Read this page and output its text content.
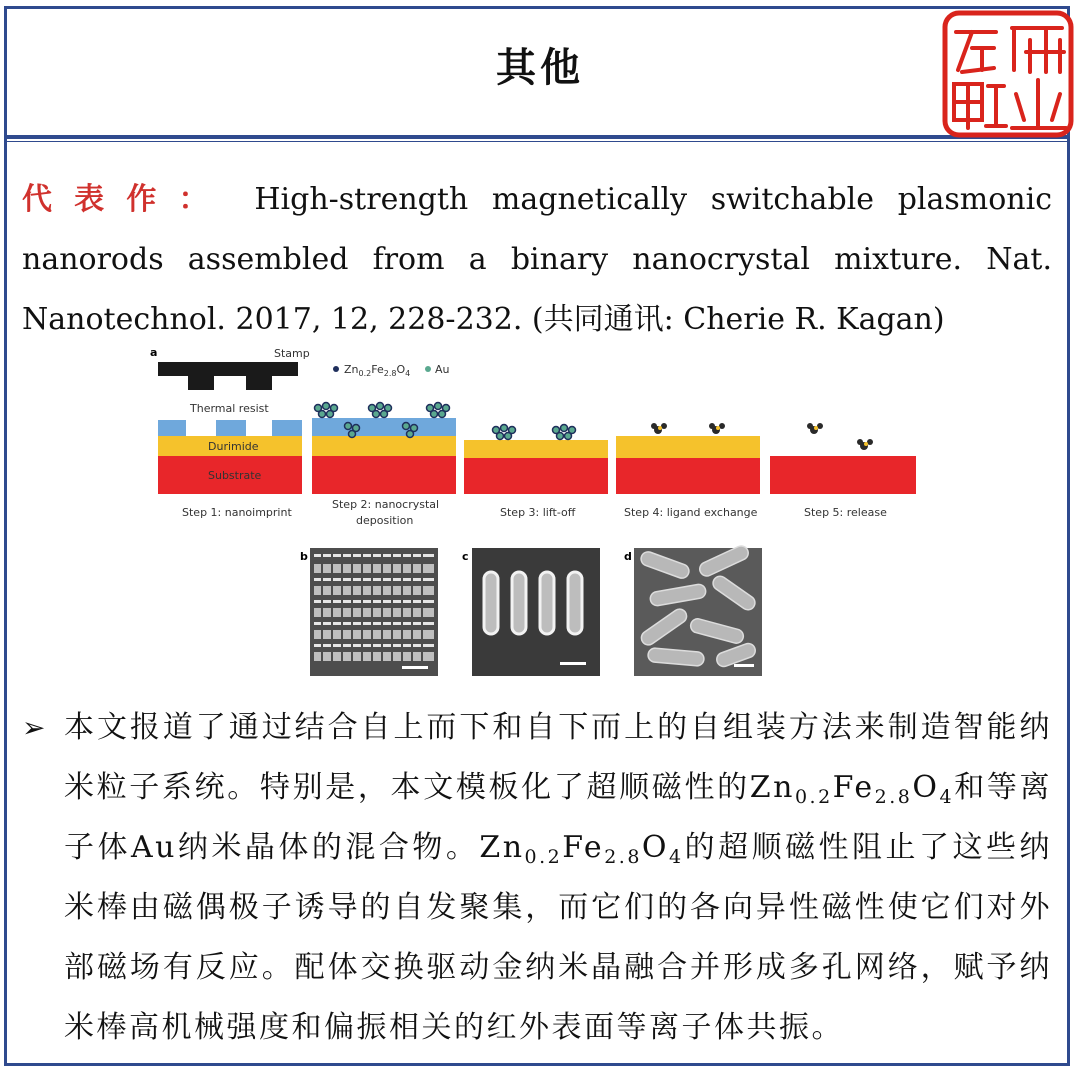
其他
代表作： High-strength magnetically switchable plasmonic nanorods assembled from a binary nanocrystal mixture. Nat. Nanotechnol. 2017, 12, 228-232. (共同通讯: Cherie R. Kagan)
a	Stamp
$Zn_{0.2}Fe_{2.8}O_4$ Au
Thermal resist
Durimide
Substrate
Step 1: nanoimprint
Step 2: nanocrystal
deposition
Step 3: lift-off	Step 4: ligand exchange	Step 5: release
b	c	d
➢ 本文报道了通过结合自上而下和自下而上的自组装方法来制造智能纳米粒子系统。特别是，本文模板化了超顺磁性的$Zn_{0.2}Fe_{2.8}O_4$和等离子体Au纳米晶体的混合物。$Zn_{0.2}Fe_{2.8}O_4$的超顺磁性阻止了这些纳米棒由磁偶极子诱导的自发聚集，而它们的各向异性磁性使它们对外部磁场有反应。配体交换驱动金纳米晶融合并形成多孔网络，赋予纳米棒高机械强度和偏振相关的红外表面等离子体共振。
